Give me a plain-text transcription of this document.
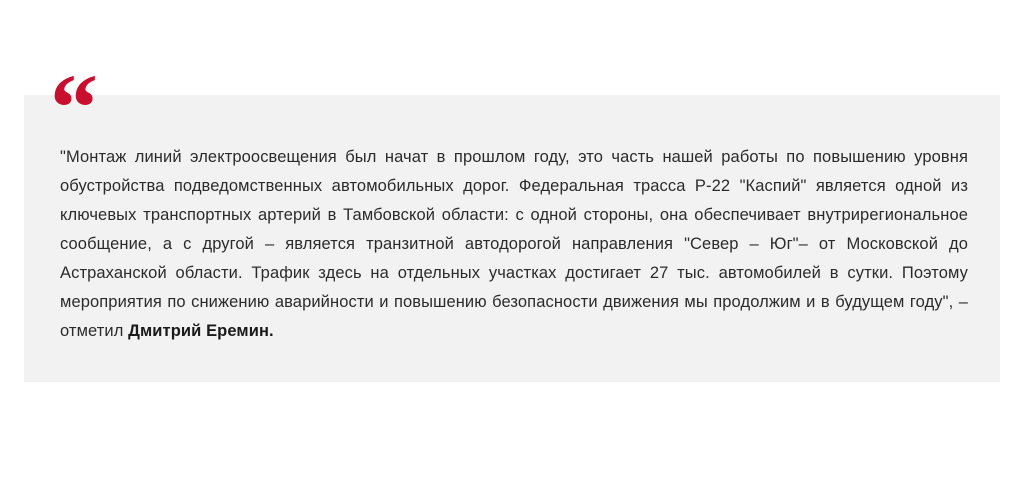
“
"Монтаж линий электроосвещения был начат в прошлом году, это часть нашей работы по повышению уровня обустройства подведомственных автомобильных дорог. Федеральная трасса Р-22 "Каспий" является одной из ключевых транспортных артерий в Тамбовской области: с одной стороны, она обеспечивает внутрирегиональное сообщение, а с другой – является транзитной автодорогой направления "Север – Юг"– от Московской до Астраханской области. Трафик здесь на отдельных участках достигает 27 тыс. автомобилей в сутки. Поэтому мероприятия по снижению аварийности и повышению безопасности движения мы продолжим и в будущем году", – отметил Дмитрий Еремин.
